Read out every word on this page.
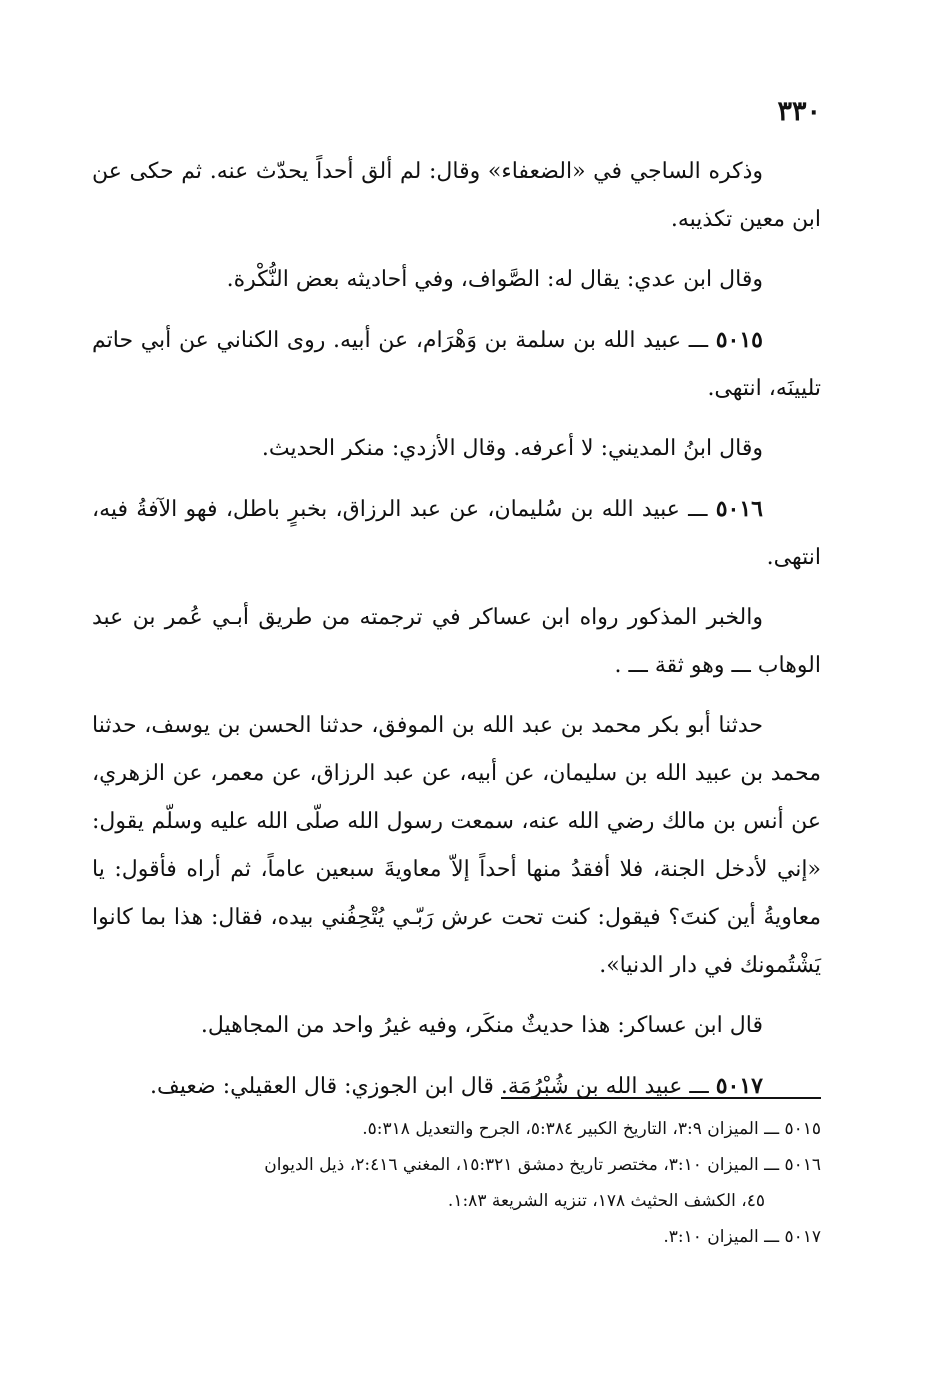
٣٣٠

وذكره الساجي في «الضعفاء» وقال: لم ألق أحداً يحدّث عنه. ثم حكى عن ابن معين تكذيبه.

وقال ابن عدي: يقال له: الصَّواف، وفي أحاديثه بعض النُّكْرة.

٥٠١٥ ـــ عبيد الله بن سلمة بن وَهْرَام، عن أبيه. روى الكناني عن أبي حاتم تليينَه، انتهى.

وقال ابنُ المديني: لا أعرفه. وقال الأزدي: منكر الحديث.

٥٠١٦ ـــ عبيد الله بن سُليمان، عن عبد الرزاق، بخبرٍ باطل، فهو الآفةُ فيه، انتهى.

والخبر المذكور رواه ابن عساكر في ترجمته من طريق أبـي عُمر بن عبد الوهاب ـــ وهو ثقة ـــ .

حدثنا أبو بكر محمد بن عبد الله بن الموفق، حدثنا الحسن بن يوسف، حدثنا محمد بن عبيد الله بن سليمان، عن أبيه، عن عبد الرزاق، عن معمر، عن الزهري، عن أنس بن مالك رضي الله عنه، سمعت رسول الله صلّى الله عليه وسلّم يقول: «إني لأدخل الجنة، فلا أفقدُ منها أحداً إلاّ معاويةَ سبعين عاماً، ثم أراه فأقول: يا معاويةُ أين كنتَ؟ فيقول: كنت تحت عرش رَبّـي يُتْحِفُني بيده، فقال: هذا بما كانوا يَشْتُمونك في دار الدنيا».

قال ابن عساكر: هذا حديثٌ منكَر، وفيه غيرُ واحد من المجاهيل.

٥٠١٧ ـــ عبيد الله بن شُبْرُمَة. قال ابن الجوزي: قال العقيلي: ضعيف.

٥٠١٥ ـــ الميزان ٣:٩، التاريخ الكبير ٥:٣٨٤، الجرح والتعديل ٥:٣١٨.

٥٠١٦ ـــ الميزان ٣:١٠، مختصر تاريخ دمشق ١٥:٣٢١، المغني ٢:٤١٦، ذيل الديوان

٤٥، الكشف الحثيث ١٧٨، تنزيه الشريعة ١:٨٣.

٥٠١٧ ـــ الميزان ٣:١٠.
